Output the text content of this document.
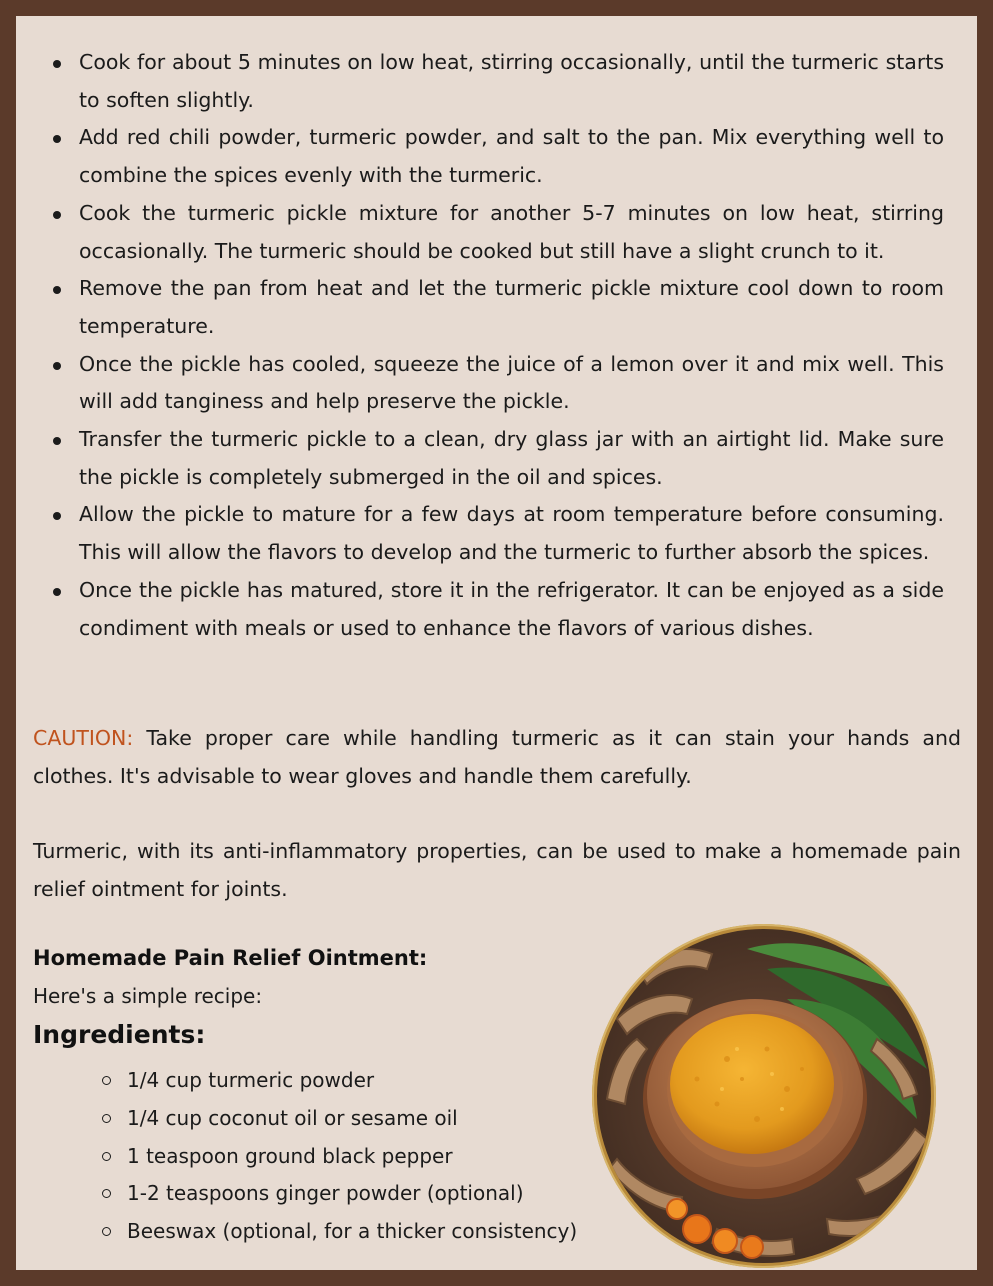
Cook for about 5 minutes on low heat, stirring occasionally, until the turmeric starts to soften slightly.
Add red chili powder, turmeric powder, and salt to the pan. Mix everything well to combine the spices evenly with the turmeric.
Cook the turmeric pickle mixture for another 5-7 minutes on low heat, stirring occasionally. The turmeric should be cooked but still have a slight crunch to it.
Remove the pan from heat and let the turmeric pickle mixture cool down to room temperature.
Once the pickle has cooled, squeeze the juice of a lemon over it and mix well. This will add tanginess and help preserve the pickle.
Transfer the turmeric pickle to a clean, dry glass jar with an airtight lid. Make sure the pickle is completely submerged in the oil and spices.
Allow the pickle to mature for a few days at room temperature before consuming. This will allow the flavors to develop and the turmeric to further absorb the spices.
Once the pickle has matured, store it in the refrigerator. It can be enjoyed as a side condiment with meals or used to enhance the flavors of various dishes.

CAUTION: Take proper care while handling turmeric as it can stain your hands and clothes. It's advisable to wear gloves and handle them carefully.

Turmeric, with its anti-inflammatory properties, can be used to make a homemade pain relief ointment for joints.

Homemade Pain Relief Ointment:

Here's a simple recipe:

Ingredients:
1/4 cup turmeric powder
1/4 cup coconut oil or sesame oil
1 teaspoon ground black pepper
1-2 teaspoons ginger powder (optional)
Beeswax (optional, for a thicker consistency)
